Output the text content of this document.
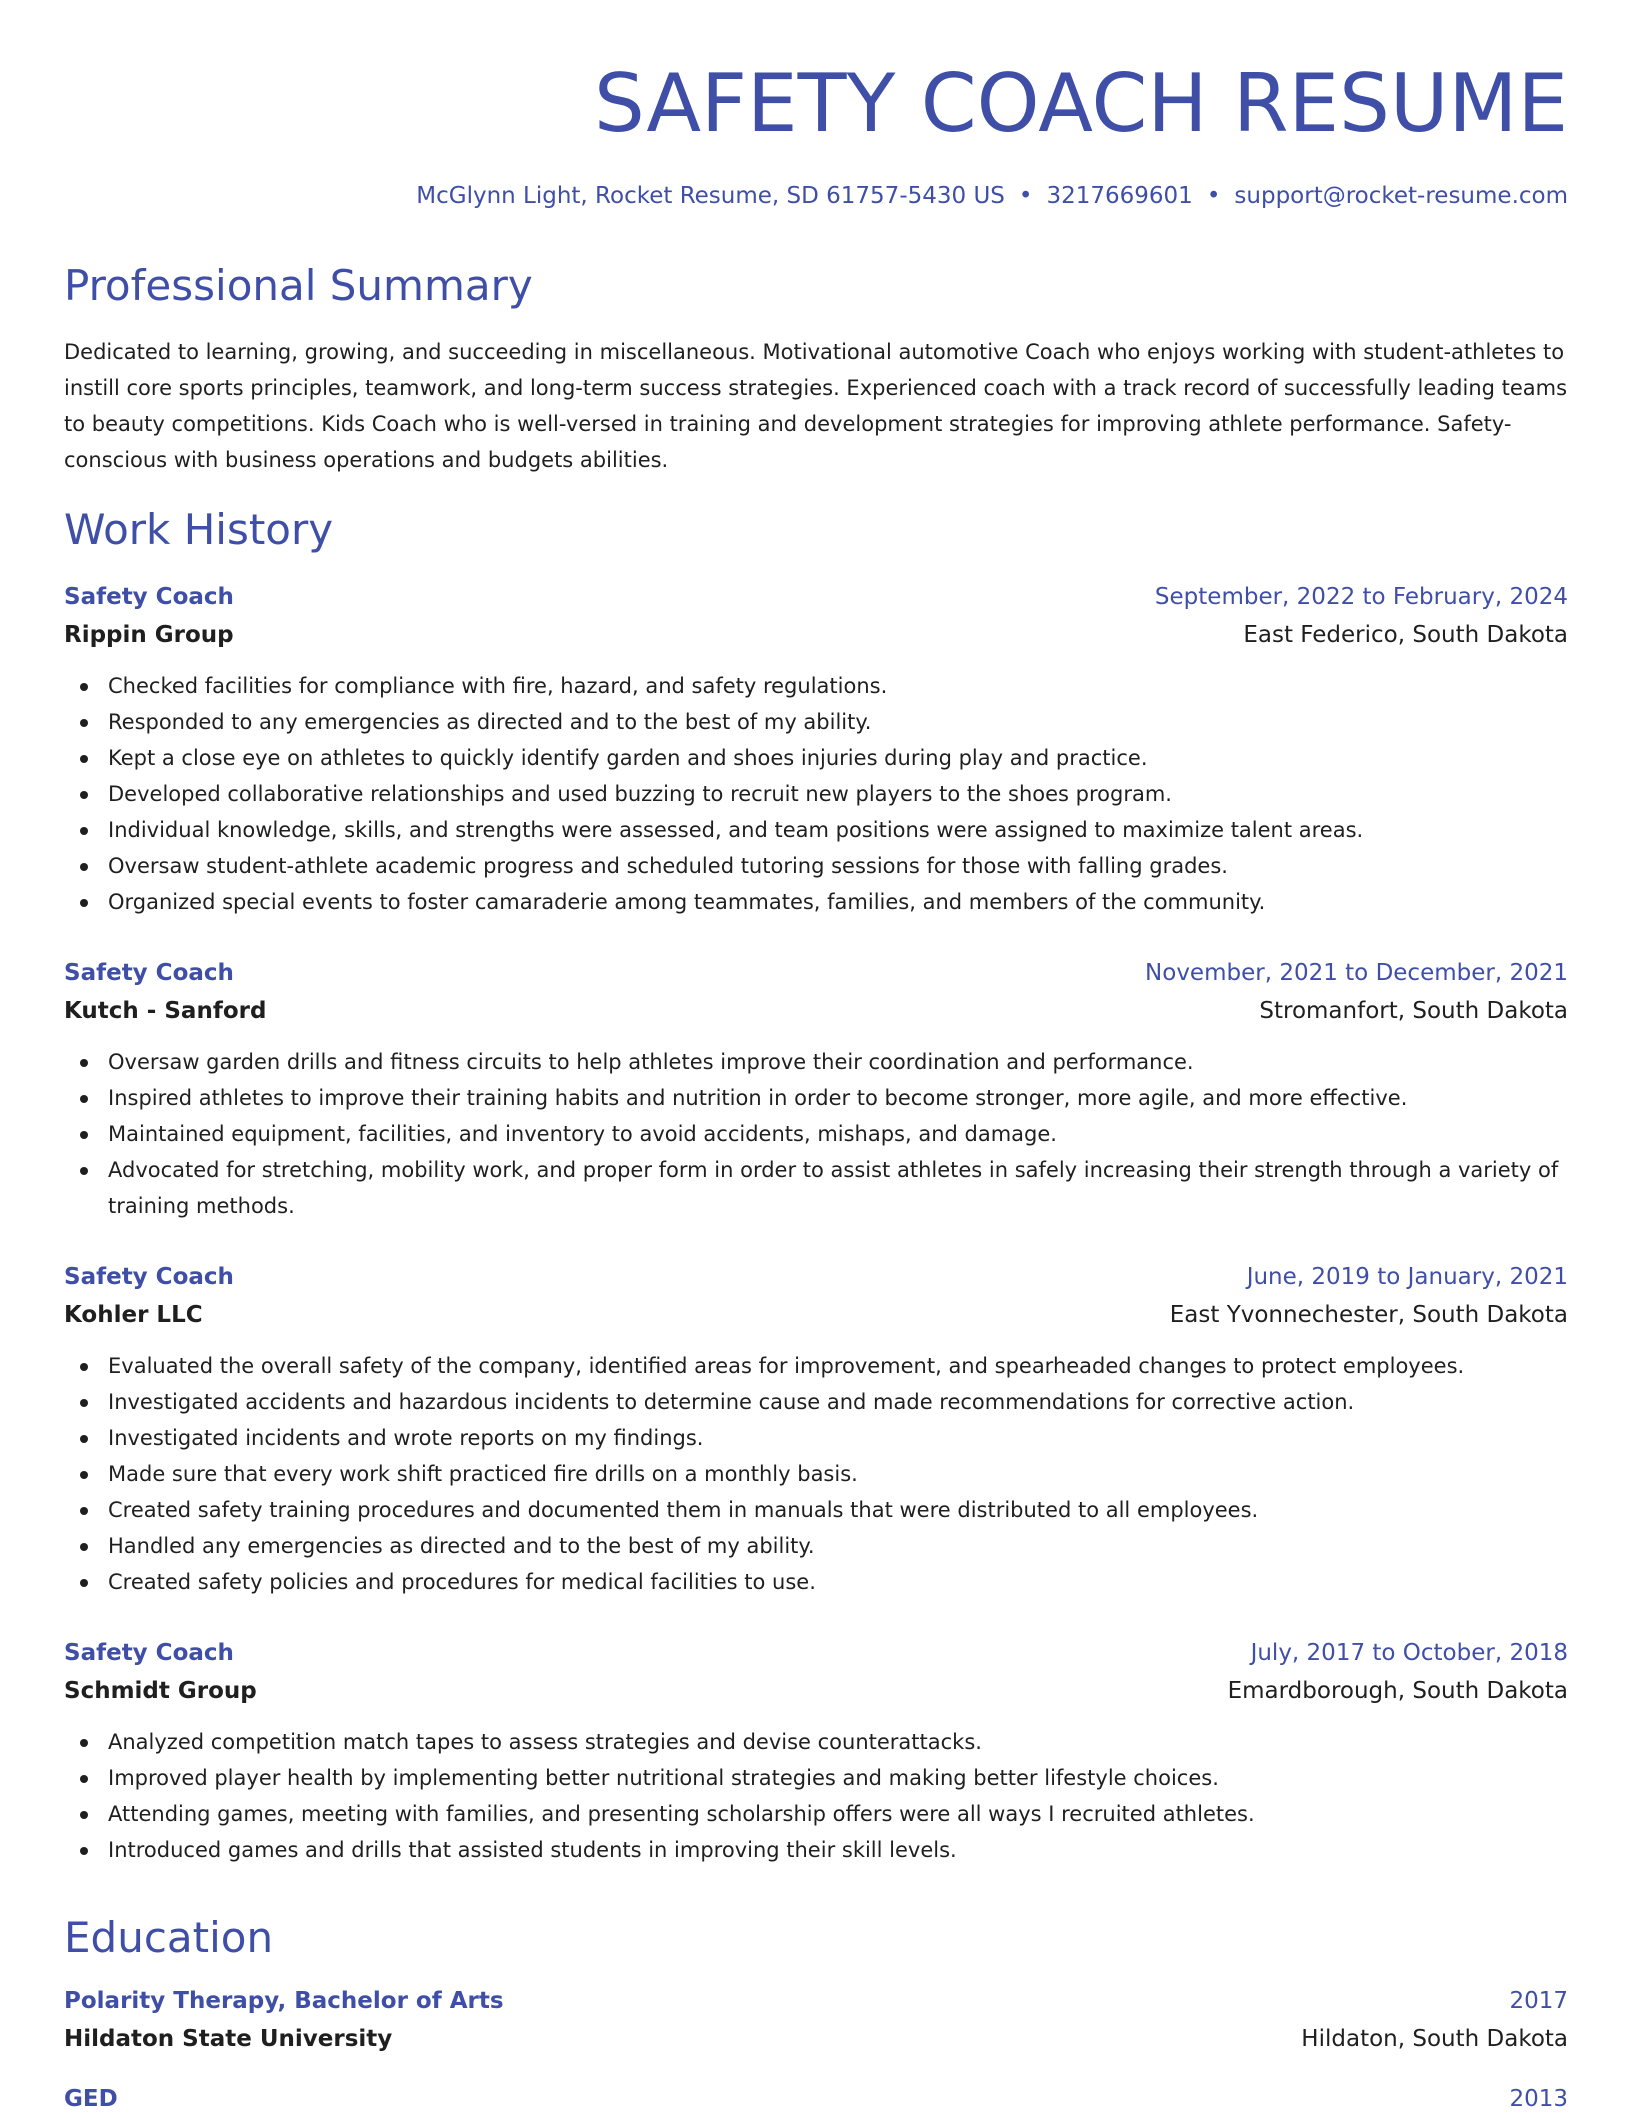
SAFETY COACH RESUME
McGlynn Light, Rocket Resume, SD 61757-5430 US • 3217669601 • support@rocket-resume.com
Professional Summary
Dedicated to learning, growing, and succeeding in miscellaneous. Motivational automotive Coach who enjoys working with student-athletes to instill core sports principles, teamwork, and long-term success strategies. Experienced coach with a track record of successfully leading teams to beauty competitions. Kids Coach who is well-versed in training and development strategies for improving athlete performance. Safety-conscious with business operations and budgets abilities.
Work History
Safety Coach	September, 2022 to February, 2024
Rippin Group	East Federico, South Dakota
Checked facilities for compliance with fire, hazard, and safety regulations.
Responded to any emergencies as directed and to the best of my ability.
Kept a close eye on athletes to quickly identify garden and shoes injuries during play and practice.
Developed collaborative relationships and used buzzing to recruit new players to the shoes program.
Individual knowledge, skills, and strengths were assessed, and team positions were assigned to maximize talent areas.
Oversaw student-athlete academic progress and scheduled tutoring sessions for those with falling grades.
Organized special events to foster camaraderie among teammates, families, and members of the community.
Safety Coach	November, 2021 to December, 2021
Kutch - Sanford	Stromanfort, South Dakota
Oversaw garden drills and fitness circuits to help athletes improve their coordination and performance.
Inspired athletes to improve their training habits and nutrition in order to become stronger, more agile, and more effective.
Maintained equipment, facilities, and inventory to avoid accidents, mishaps, and damage.
Advocated for stretching, mobility work, and proper form in order to assist athletes in safely increasing their strength through a variety of training methods.
Safety Coach	June, 2019 to January, 2021
Kohler LLC	East Yvonnechester, South Dakota
Evaluated the overall safety of the company, identified areas for improvement, and spearheaded changes to protect employees.
Investigated accidents and hazardous incidents to determine cause and made recommendations for corrective action.
Investigated incidents and wrote reports on my findings.
Made sure that every work shift practiced fire drills on a monthly basis.
Created safety training procedures and documented them in manuals that were distributed to all employees.
Handled any emergencies as directed and to the best of my ability.
Created safety policies and procedures for medical facilities to use.
Safety Coach	July, 2017 to October, 2018
Schmidt Group	Emardborough, South Dakota
Analyzed competition match tapes to assess strategies and devise counterattacks.
Improved player health by implementing better nutritional strategies and making better lifestyle choices.
Attending games, meeting with families, and presenting scholarship offers were all ways I recruited athletes.
Introduced games and drills that assisted students in improving their skill levels.
Education
Polarity Therapy, Bachelor of Arts	2017
Hildaton State University	Hildaton, South Dakota
GED	2013
